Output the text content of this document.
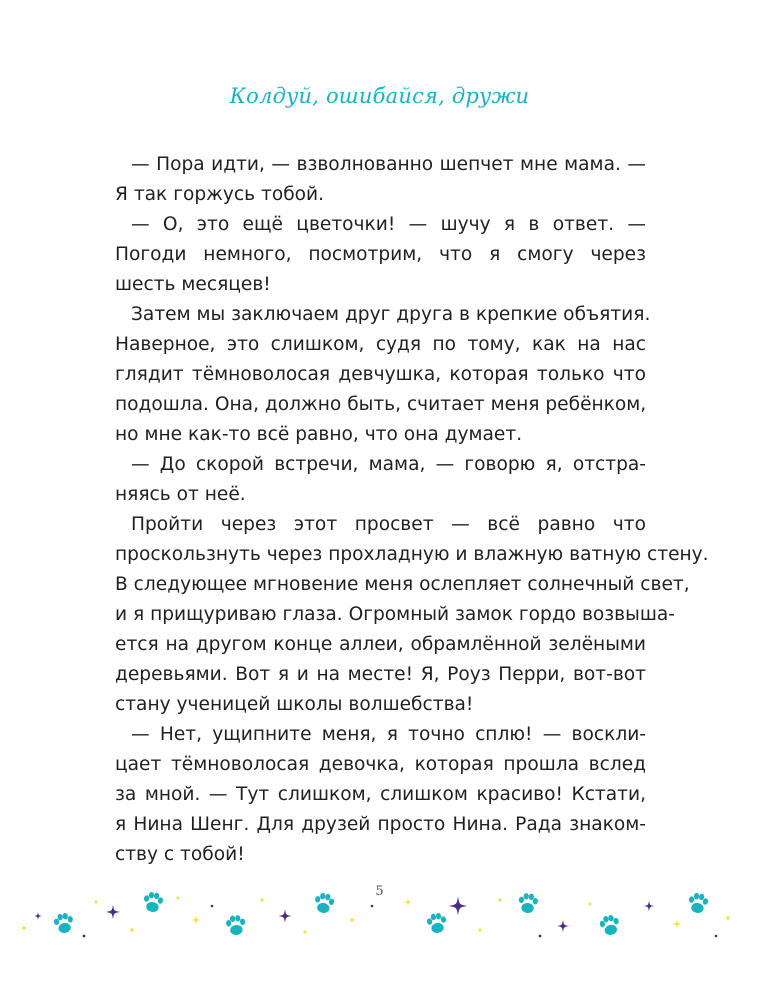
Колдуй, ошибайся, дружи
— Пора идти, — взволнованно шепчет мне мама. —
Я так горжусь тобой.
— О, это ещё цветочки! — шучу я в ответ. —
Погоди немного, посмотрим, что я смогу через
шесть месяцев!
Затем мы заключаем друг друга в крепкие объятия.
Наверное, это слишком, судя по тому, как на нас
глядит тёмноволосая девчушка, которая только что
подошла. Она, должно быть, считает меня ребёнком,
но мне как-то всё равно, что она думает.
— До скорой встречи, мама, — говорю я, отстра-
няясь от неё.
Пройти через этот просвет — всё равно что
проскользнуть через прохладную и влажную ватную стену.
В следующее мгновение меня ослепляет солнечный свет,
и я прищуриваю глаза. Огромный замок гордо возвыша-
ется на другом конце аллеи, обрамлённой зелёными
деревьями. Вот я и на месте! Я, Роуз Перри, вот-вот
стану ученицей школы волшебства!
— Нет, ущипните меня, я точно сплю! — воскли-
цает тёмноволосая девочка, которая прошла вслед
за мной. — Тут слишком, слишком красиво! Кстати,
я Нина Шенг. Для друзей просто Нина. Рада знаком-
ству с тобой!
5
